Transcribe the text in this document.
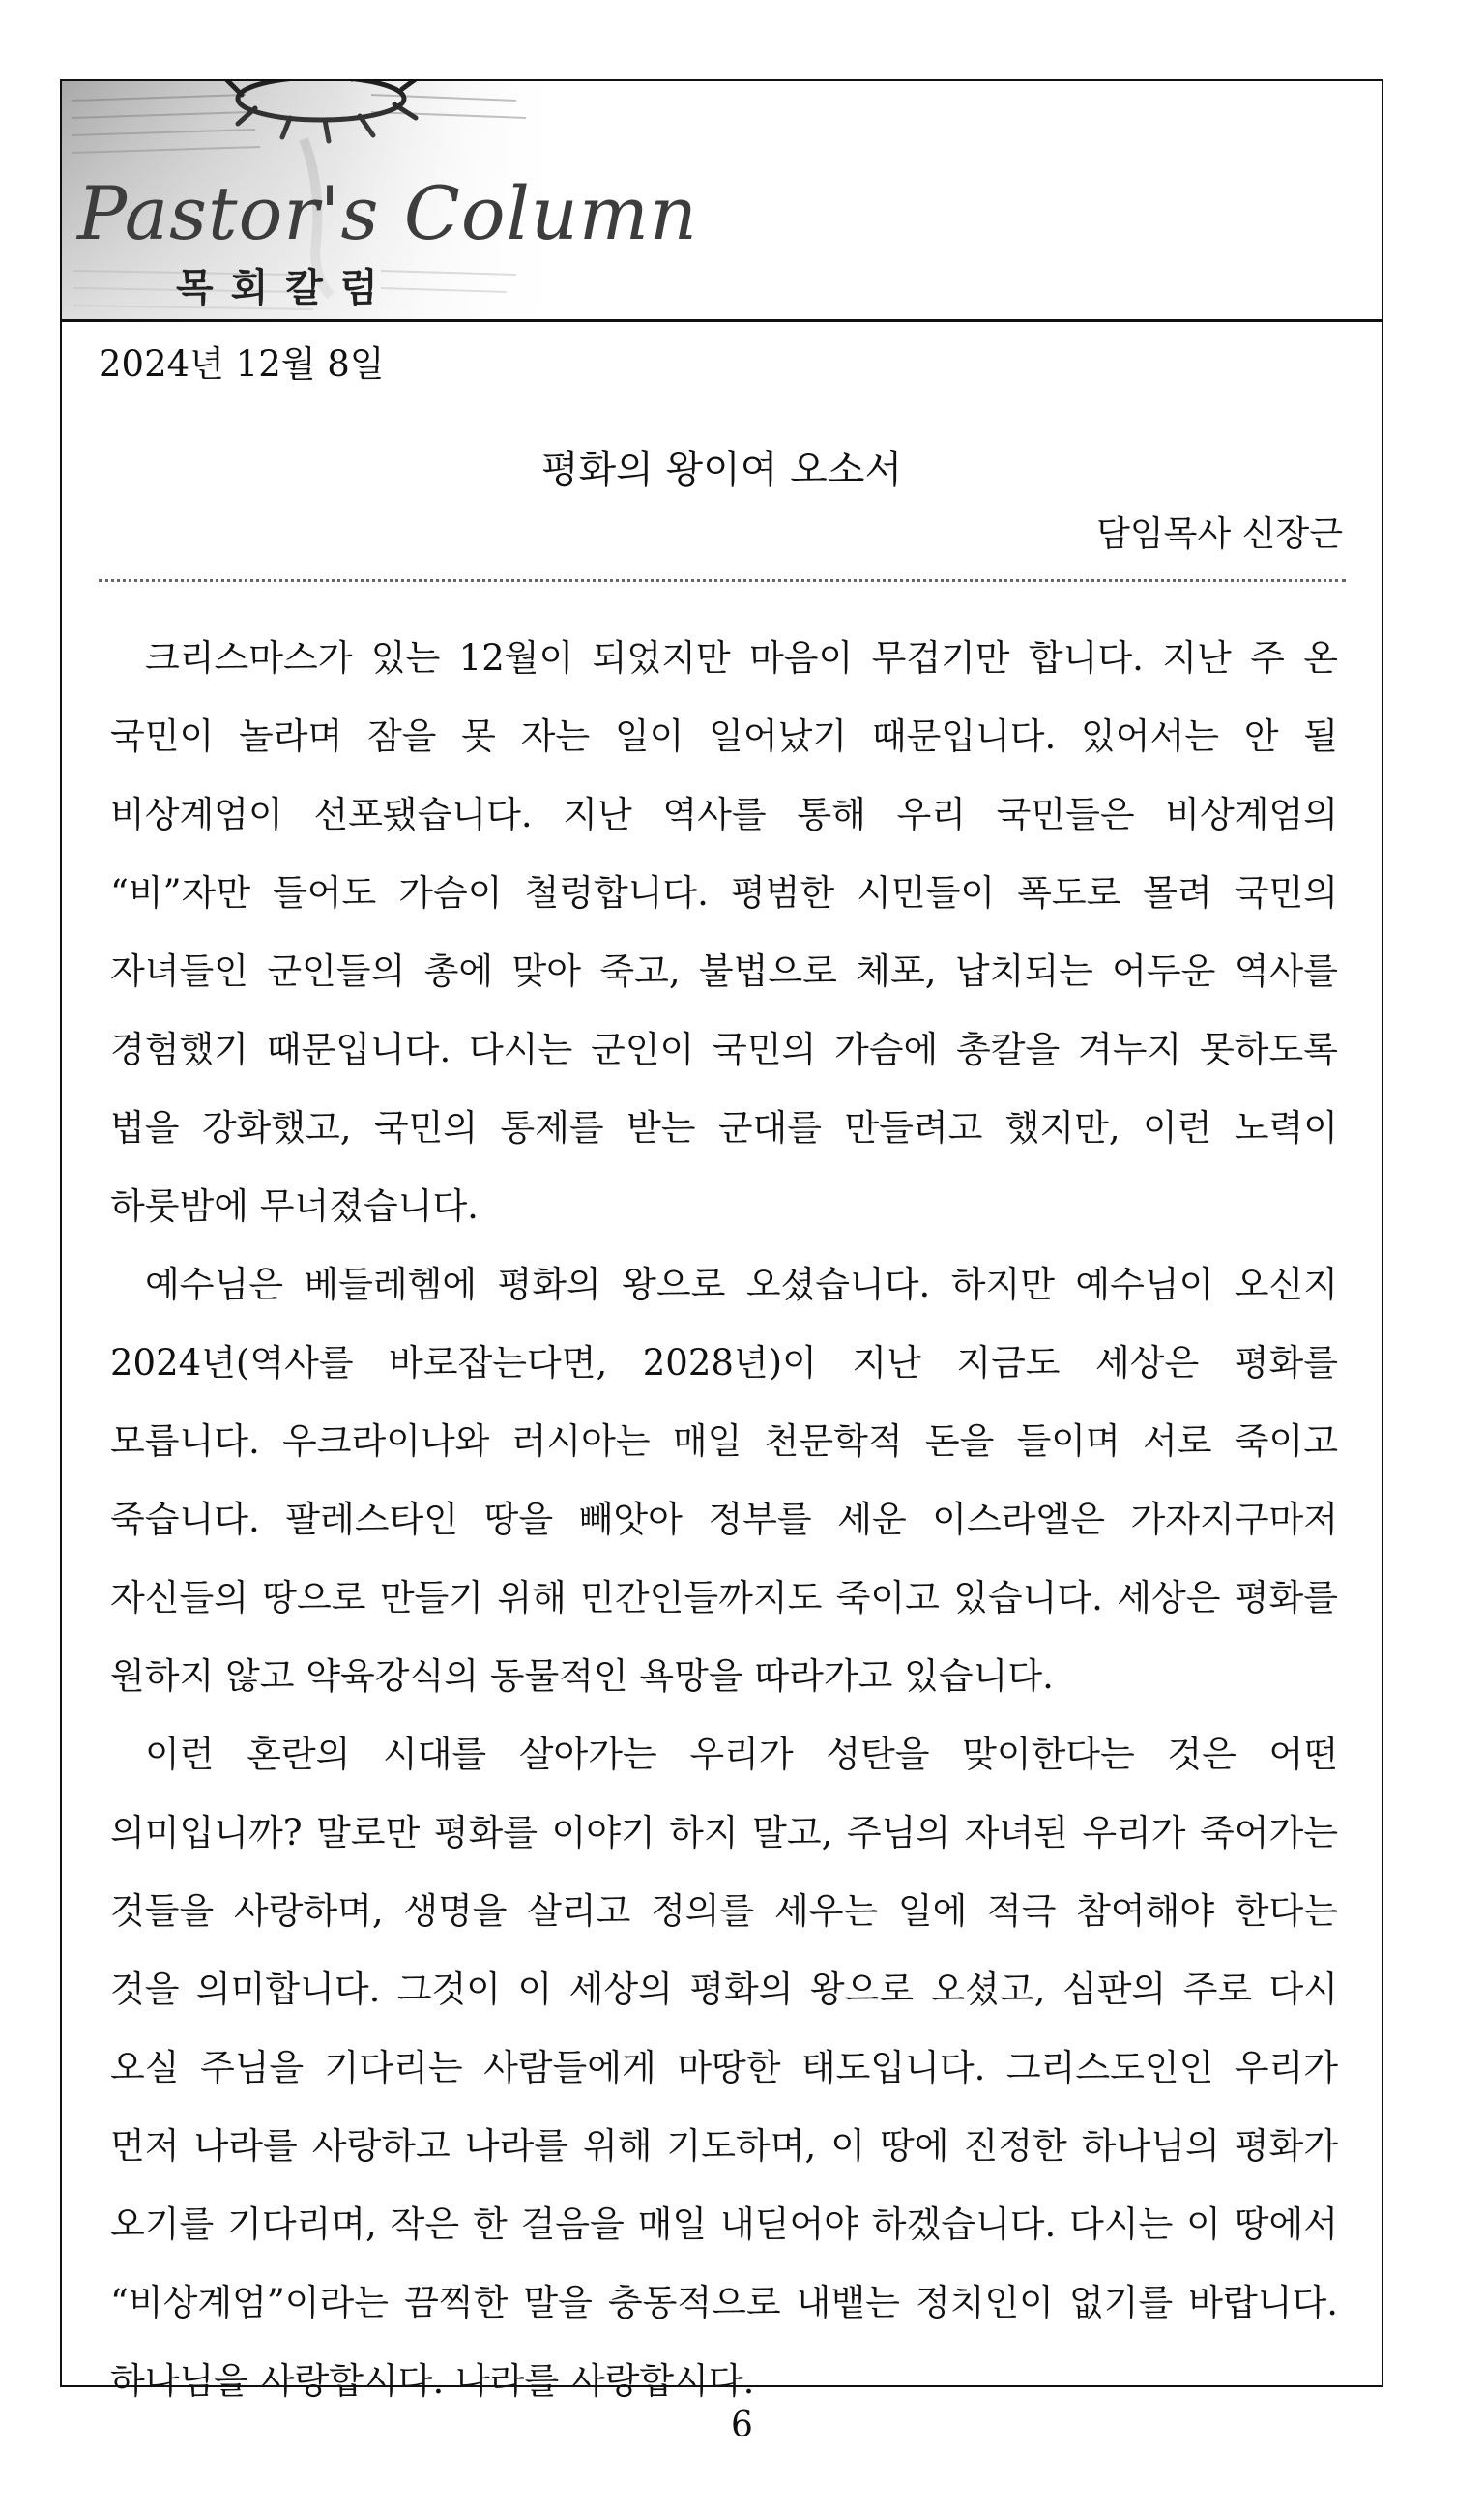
Pastor's Column
목회칼럼
2024년 12월 8일
평화의 왕이여 오소서
담임목사 신장근

크리스마스가 있는 12월이 되었지만 마음이 무겁기만 합니다. 지난 주 온 국민이 놀라며 잠을 못 자는 일이 일어났기 때문입니다. 있어서는 안 될 비상계엄이 선포됐습니다. 지난 역사를 통해 우리 국민들은 비상계엄의 “비”자만 들어도 가슴이 철렁합니다. 평범한 시민들이 폭도로 몰려 국민의 자녀들인 군인들의 총에 맞아 죽고, 불법으로 체포, 납치되는 어두운 역사를 경험했기 때문입니다. 다시는 군인이 국민의 가슴에 총칼을 겨누지 못하도록 법을 강화했고, 국민의 통제를 받는 군대를 만들려고 했지만, 이런 노력이 하룻밤에 무너졌습니다.

예수님은 베들레헴에 평화의 왕으로 오셨습니다. 하지만 예수님이 오신지 2024년(역사를 바로잡는다면, 2028년)이 지난 지금도 세상은 평화를 모릅니다. 우크라이나와 러시아는 매일 천문학적 돈을 들이며 서로 죽이고 죽습니다. 팔레스타인 땅을 빼앗아 정부를 세운 이스라엘은 가자지구마저 자신들의 땅으로 만들기 위해 민간인들까지도 죽이고 있습니다. 세상은 평화를 원하지 않고 약육강식의 동물적인 욕망을 따라가고 있습니다.

이런 혼란의 시대를 살아가는 우리가 성탄을 맞이한다는 것은 어떤 의미입니까? 말로만 평화를 이야기 하지 말고, 주님의 자녀된 우리가 죽어가는 것들을 사랑하며, 생명을 살리고 정의를 세우는 일에 적극 참여해야 한다는 것을 의미합니다. 그것이 이 세상의 평화의 왕으로 오셨고, 심판의 주로 다시 오실 주님을 기다리는 사람들에게 마땅한 태도입니다. 그리스도인인 우리가 먼저 나라를 사랑하고 나라를 위해 기도하며, 이 땅에 진정한 하나님의 평화가 오기를 기다리며, 작은 한 걸음을 매일 내딛어야 하겠습니다. 다시는 이 땅에서 “비상계엄”이라는 끔찍한 말을 충동적으로 내뱉는 정치인이 없기를 바랍니다. 하나님을 사랑합시다. 나라를 사랑합시다.

6
